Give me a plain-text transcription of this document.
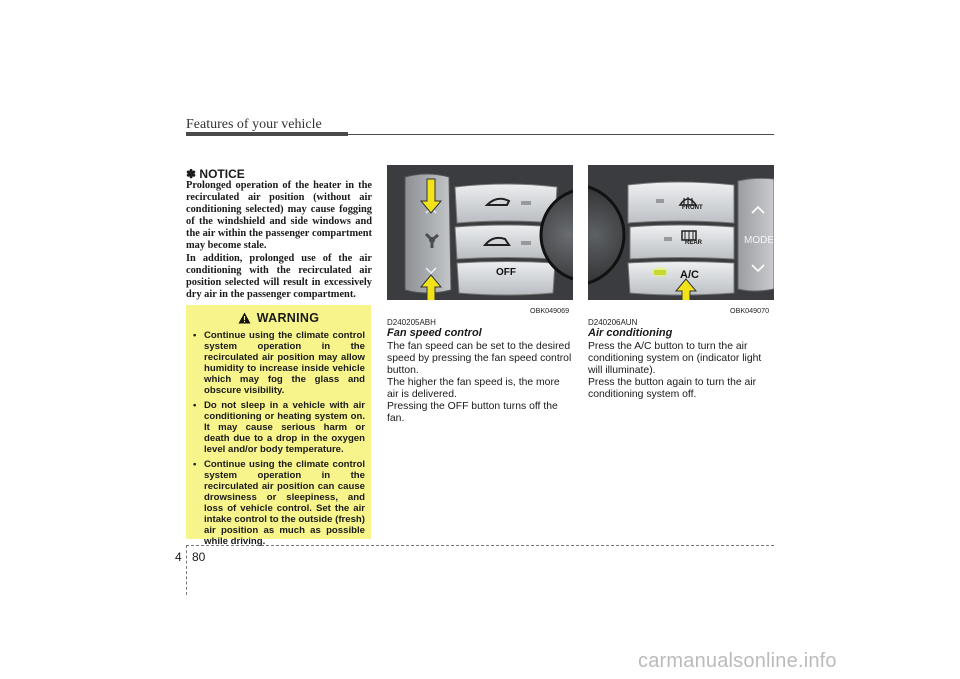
Features of your vehicle
✽ NOTICE
Prolonged operation of the heater in the recirculated air position (without air conditioning selected) may cause fogging of the windshield and side windows and the air within the passenger compartment may become stale.
In addition, prolonged use of the air conditioning with the recirculated air position selected will result in excessively dry air in the passenger compartment.
WARNING
• Continue using the climate control system operation in the recirculated air position may allow humidity to increase inside vehicle which may fog the glass and obscure visibility.
• Do not sleep in a vehicle with air conditioning or heating system on. It may cause serious harm or death due to a drop in the oxygen level and/or body temperature.
• Continue using the climate control system operation in the recirculated air position can cause drowsiness or sleepiness, and loss of vehicle control. Set the air intake control to the outside (fresh) air position as much as possible while driving.
OFF
OBK049069
FRONT
REAR
A/C
MODE
OBK049070
D240205ABH
Fan speed control
The fan speed can be set to the desired speed by pressing the fan speed control button.
The higher the fan speed is, the more air is delivered.
Pressing the OFF button turns off the fan.
D240206AUN
Air conditioning
Press the A/C button to turn the air conditioning system on (indicator light will illuminate).
Press the button again to turn the air conditioning system off.
4 80
carmanualsonline.info
